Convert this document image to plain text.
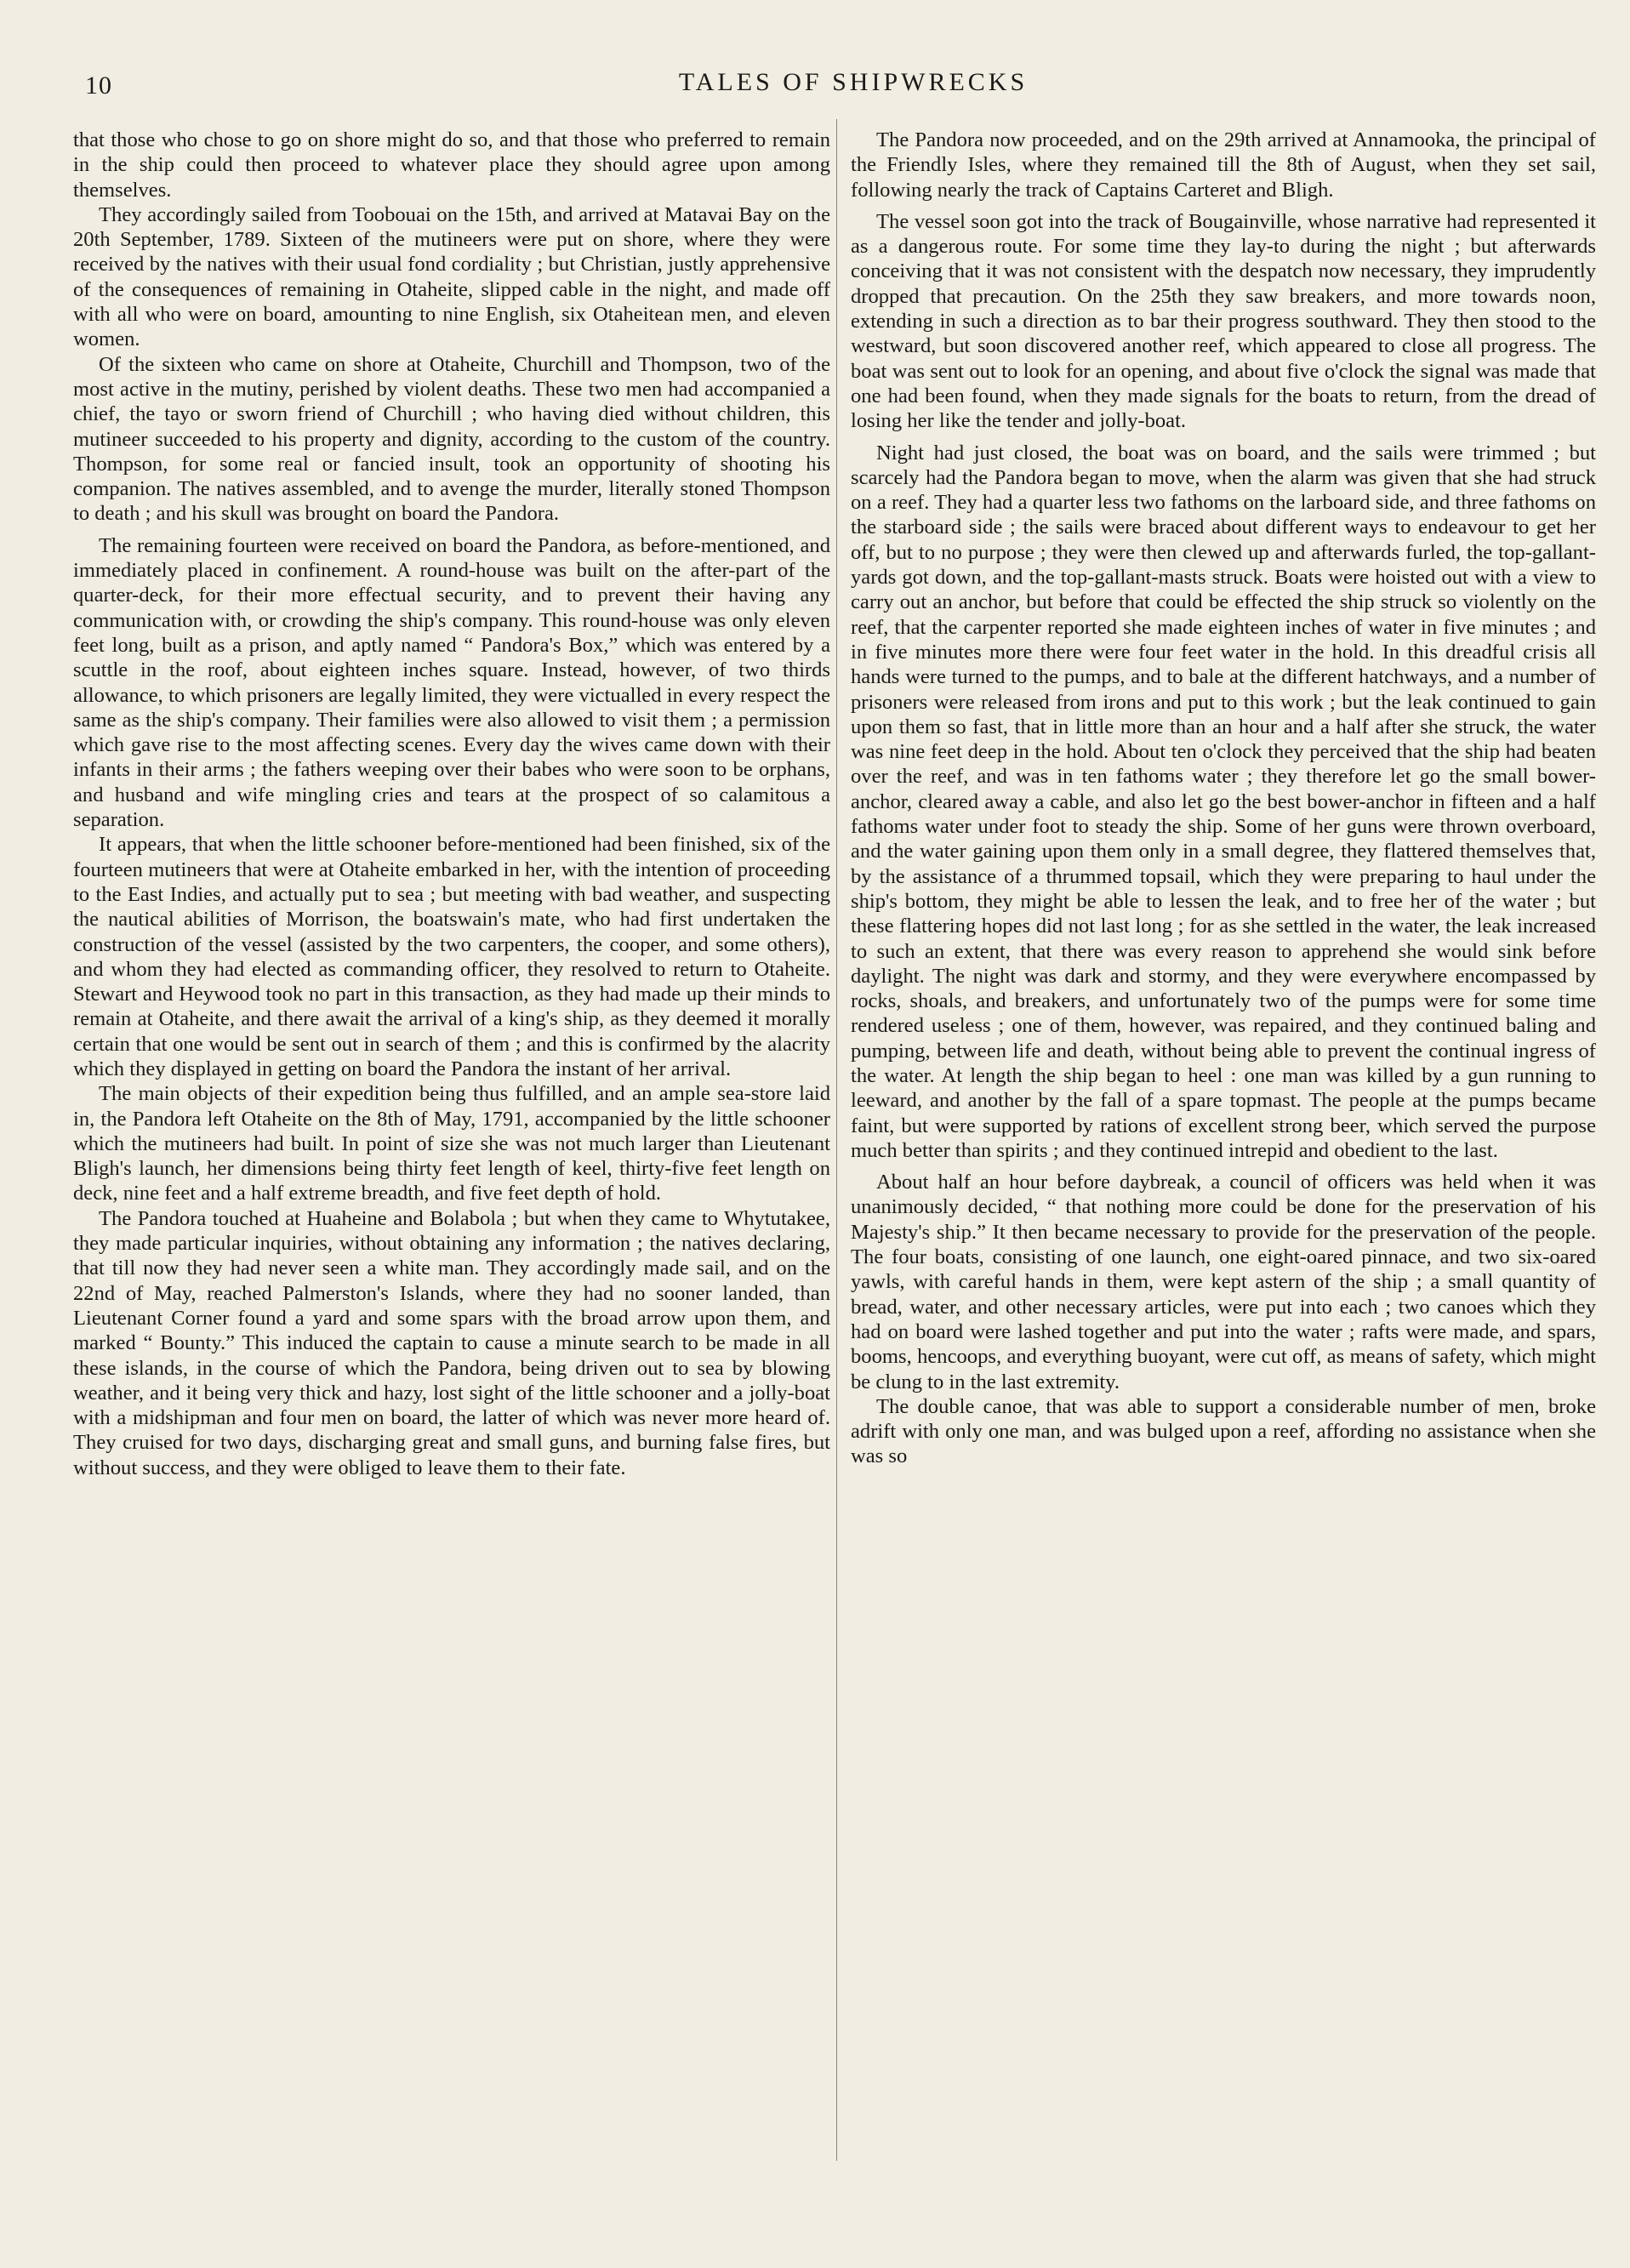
10	TALES OF SHIPWRECKS

that those who chose to go on shore might do so, and that those who preferred to remain in the ship could then proceed to whatever place they should agree upon among themselves.

They accordingly sailed from Toobouai on the 15th, and arrived at Matavai Bay on the 20th September, 1789. Sixteen of the mutineers were put on shore, where they were received by the natives with their usual fond cordiality ; but Christian, justly apprehensive of the consequences of remaining in Otaheite, slipped cable in the night, and made off with all who were on board, amounting to nine English, six Otaheitean men, and eleven women.

Of the sixteen who came on shore at Otaheite, Churchill and Thompson, two of the most active in the mutiny, perished by violent deaths. These two men had accompanied a chief, the tayo or sworn friend of Churchill ; who having died without children, this mutineer succeeded to his property and dignity, according to the custom of the country. Thompson, for some real or fancied insult, took an opportunity of shooting his companion. The natives assembled, and to avenge the murder, literally stoned Thompson to death ; and his skull was brought on board the Pandora.

The remaining fourteen were received on board the Pandora, as before-mentioned, and immediately placed in confinement. A round-house was built on the after-part of the quarter-deck, for their more effectual security, and to prevent their having any communication with, or crowding the ship's company. This round-house was only eleven feet long, built as a prison, and aptly named “ Pandora's Box,” which was entered by a scuttle in the roof, about eighteen inches square. Instead, however, of two thirds allowance, to which prisoners are legally limited, they were victualled in every respect the same as the ship's company. Their families were also allowed to visit them ; a permission which gave rise to the most affecting scenes. Every day the wives came down with their infants in their arms ; the fathers weeping over their babes who were soon to be orphans, and husband and wife mingling cries and tears at the prospect of so calamitous a separation.

It appears, that when the little schooner before-mentioned had been finished, six of the fourteen mutineers that were at Otaheite embarked in her, with the intention of proceeding to the East Indies, and actually put to sea ; but meeting with bad weather, and suspecting the nautical abilities of Morrison, the boatswain's mate, who had first undertaken the construction of the vessel (assisted by the two carpenters, the cooper, and some others), and whom they had elected as commanding officer, they resolved to return to Otaheite. Stewart and Heywood took no part in this transaction, as they had made up their minds to remain at Otaheite, and there await the arrival of a king's ship, as they deemed it morally certain that one would be sent out in search of them ; and this is confirmed by the alacrity which they displayed in getting on board the Pandora the instant of her arrival.

The main objects of their expedition being thus fulfilled, and an ample sea-store laid in, the Pandora left Otaheite on the 8th of May, 1791, accompanied by the little schooner which the mutineers had built. In point of size she was not much larger than Lieutenant Bligh's launch, her dimensions being thirty feet length of keel, thirty-five feet length on deck, nine feet and a half extreme breadth, and five feet depth of hold.

The Pandora touched at Huaheine and Bolabola ; but when they came to Whytutakee, they made particular inquiries, without obtaining any information ; the natives declaring, that till now they had never seen a white man. They accordingly made sail, and on the 22nd of May, reached Palmerston's Islands, where they had no sooner landed, than Lieutenant Corner found a yard and some spars with the broad arrow upon them, and marked “ Bounty.” This induced the captain to cause a minute search to be made in all these islands, in the course of which the Pandora, being driven out to sea by blowing weather, and it being very thick and hazy, lost sight of the little schooner and a jolly-boat with a midshipman and four men on board, the latter of which was never more heard of. They cruised for two days, discharging great and small guns, and burning false fires, but without success, and they were obliged to leave them to their fate.

The Pandora now proceeded, and on the 29th arrived at Annamooka, the principal of the Friendly Isles, where they remained till the 8th of August, when they set sail, following nearly the track of Captains Carteret and Bligh.

The vessel soon got into the track of Bougainville, whose narrative had represented it as a dangerous route. For some time they lay-to during the night ; but afterwards conceiving that it was not consistent with the despatch now necessary, they imprudently dropped that precaution. On the 25th they saw breakers, and more towards noon, extending in such a direction as to bar their progress southward. They then stood to the westward, but soon discovered another reef, which appeared to close all progress. The boat was sent out to look for an opening, and about five o'clock the signal was made that one had been found, when they made signals for the boats to return, from the dread of losing her like the tender and jolly-boat.

Night had just closed, the boat was on board, and the sails were trimmed ; but scarcely had the Pandora began to move, when the alarm was given that she had struck on a reef. They had a quarter less two fathoms on the larboard side, and three fathoms on the starboard side ; the sails were braced about different ways to endeavour to get her off, but to no purpose ; they were then clewed up and afterwards furled, the top-gallant-yards got down, and the top-gallant-masts struck. Boats were hoisted out with a view to carry out an anchor, but before that could be effected the ship struck so violently on the reef, that the carpenter reported she made eighteen inches of water in five minutes ; and in five minutes more there were four feet water in the hold. In this dreadful crisis all hands were turned to the pumps, and to bale at the different hatchways, and a number of prisoners were released from irons and put to this work ; but the leak continued to gain upon them so fast, that in little more than an hour and a half after she struck, the water was nine feet deep in the hold. About ten o'clock they perceived that the ship had beaten over the reef, and was in ten fathoms water ; they therefore let go the small bower-anchor, cleared away a cable, and also let go the best bower-anchor in fifteen and a half fathoms water under foot to steady the ship. Some of her guns were thrown overboard, and the water gaining upon them only in a small degree, they flattered themselves that, by the assistance of a thrummed topsail, which they were preparing to haul under the ship's bottom, they might be able to lessen the leak, and to free her of the water ; but these flattering hopes did not last long ; for as she settled in the water, the leak increased to such an extent, that there was every reason to apprehend she would sink before daylight. The night was dark and stormy, and they were everywhere encompassed by rocks, shoals, and breakers, and unfortunately two of the pumps were for some time rendered useless ; one of them, however, was repaired, and they continued baling and pumping, between life and death, without being able to prevent the continual ingress of the water. At length the ship began to heel : one man was killed by a gun running to leeward, and another by the fall of a spare topmast. The people at the pumps became faint, but were supported by rations of excellent strong beer, which served the purpose much better than spirits ; and they continued intrepid and obedient to the last.

About half an hour before daybreak, a council of officers was held when it was unanimously decided, “ that nothing more could be done for the preservation of his Majesty's ship.” It then became necessary to provide for the preservation of the people. The four boats, consisting of one launch, one eight-oared pinnace, and two six-oared yawls, with careful hands in them, were kept astern of the ship ; a small quantity of bread, water, and other necessary articles, were put into each ; two canoes which they had on board were lashed together and put into the water ; rafts were made, and spars, booms, hencoops, and everything buoyant, were cut off, as means of safety, which might be clung to in the last extremity.

The double canoe, that was able to support a considerable number of men, broke adrift with only one man, and was bulged upon a reef, affording no assistance when she was so
